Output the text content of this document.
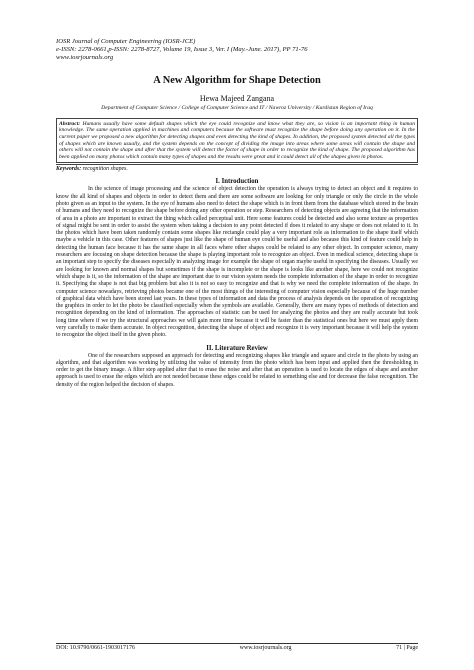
IOSR Journal of Computer Engineering (IOSR-JCE)
e-ISSN: 2278-0661,p-ISSN: 2278-8727, Volume 19, Issue 3, Ver. I (May.-June. 2017), PP 71-76
www.iosrjournals.org
A New Algorithm for Shape Detection
Hewa Majeed Zangana
Department of Computer Science / College of Computer Science and IT / Nawroz University / Kurdistan Region of Iraq
Abstract: Humans usually have some default shapes which the eye could recognize and know what they are, so vision is an important thing in human knowledge. The same operation applied in machines and computers because the software must recognize the shape before doing any operation on it. In the current paper we proposed a new algorithm for detecting shapes and even detecting the kind of shapes. In addition, the proposed system detected all the types of shapes which are known usually, and the system depends on the concept of dividing the image into areas where some areas will contain the shape and others will not contain the shape and after that the system will detect the factor of shape in order to recognize the kind of shape. The proposed algorithm has been applied on many photos which contain many types of shapes and the results were great and it could detect all of the shapes given in photos.
Keywords: recognition shapes.
I. Introduction
In the science of image processing and the science of object detection the operation is always trying to detect an object and it requires to know the all kind of shapes and objects in order to detect them and there are some software are looking for only triangle or only the circle in the whole photo given as an input to the system. In the eye of humans also need to detect the shape which is in front them from the database which stored in the brain of humans and they need to recognize the shape before doing any other operation or step. Researchers of detecting objects are agreeing that the information of area in a photo are important to extract the thing which called perceptual unit. Here some features could be detected and also some texture as properties of signal might be sent in order to assist the system when taking a decision to any point detected if does it related to any shape or does not related to it. In the photos which have been taken randomly contain some shapes like rectangle could play a very important role as information to the shape itself which maybe a vehicle in this case. Other features of shapes just like the shape of human eye could be useful and also because this kind of feature could help in detecting the human face because it has the same shape in all faces where other shapes could be related to any other object. In computer science, many researchers are focusing on shape detection because the shape is playing important role to recognize an object. Even in medical science, detecting shape is an important step to specify the diseases especially in analyzing image for example the shape of organ maybe useful in specifying the diseases. Usually we are looking for known and normal shapes but sometimes if the shape is incomplete or the shape is looks like another shape, here we could not recognize which shape is it, so the information of the shape are important due to our vision system needs the complete information of the shape in order to recognize it. Specifying the shape is not that big problem but also it is not so easy to recognize and that is why we need the complete information of the shape. In computer science nowadays, retrieving photos became one of the most things of the interesting of computer vision especially because of the huge number of graphical data which have been stored last years. In these types of information and data the process of analysis depends on the operation of recognizing the graphics in order to let the photo be classified especially when the symbols are available. Generally, there are many types of methods of detection and recognition depending on the kind of information. The approaches of statistic can be used for analyzing the photos and they are really accurate but took long time where if we try the structural approaches we will gain more time because it will be faster than the statistical ones but here we must apply them very carefully to make them accurate. In object recognition, detecting the shape of object and recognize it is very important because it will help the system to recognize the object itself in the given photo.
II. Literature Review
One of the researchers supposed an approach for detecting and recognizing shapes like triangle and square and circle in the photo by using an algorithm, and that algorithm was working by utilizing the value of intensity from the photo which has been input and applied then the thresholding in order to get the binary image. A filter step applied after that to erase the noise and after that an operation is used to locate the edges of shape and another approach is used to erase the edges which are not needed because these edges could be related to something else and for decrease the false recognition. The density of the region helped the decision of shapes.
DOI: 10.9790/0661-1903017176	www.iosrjournals.org	71 | Page
